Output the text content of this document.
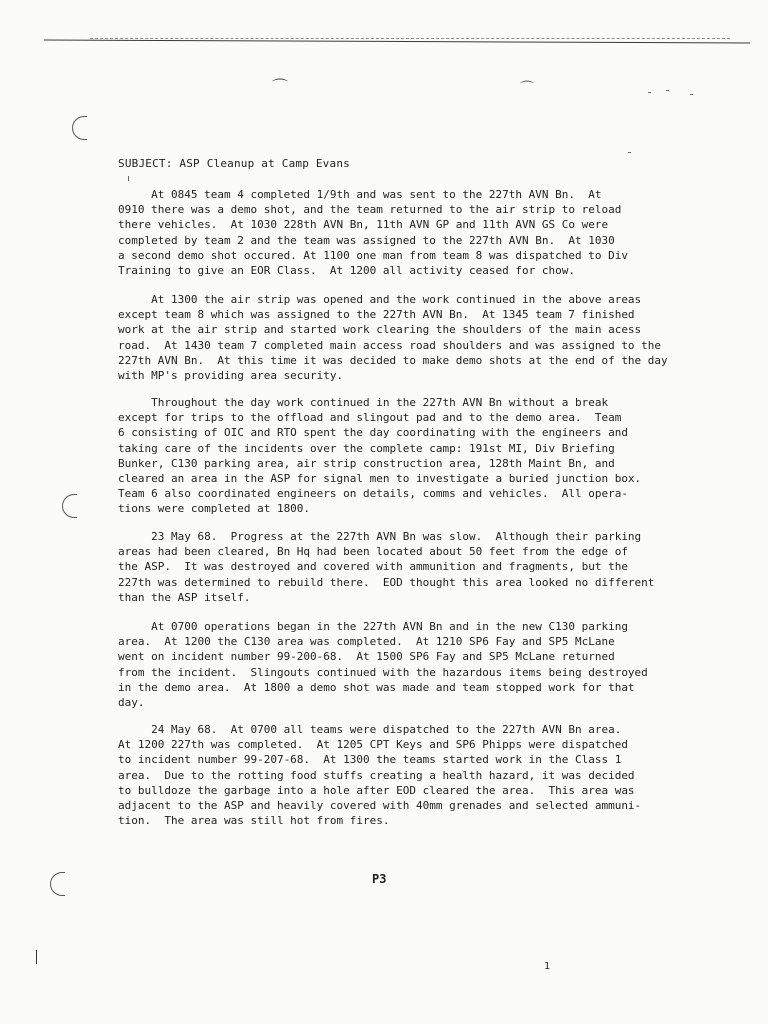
⌒	⌒
SUBJECT: ASP Cleanup at Camp Evans
At 0845 team 4 completed 1/9th and was sent to the 227th AVN Bn.  At
0910 there was a demo shot, and the team returned to the air strip to reload
there vehicles.  At 1030 228th AVN Bn, 11th AVN GP and 11th AVN GS Co were
completed by team 2 and the team was assigned to the 227th AVN Bn.  At 1030
a second demo shot occured. At 1100 one man from team 8 was dispatched to Div
Training to give an EOR Class.  At 1200 all activity ceased for chow.
At 1300 the air strip was opened and the work continued in the above areas
except team 8 which was assigned to the 227th AVN Bn.  At 1345 team 7 finished
work at the air strip and started work clearing the shoulders of the main acess
road.  At 1430 team 7 completed main access road shoulders and was assigned to the
227th AVN Bn.  At this time it was decided to make demo shots at the end of the day
with MP's providing area security.
Throughout the day work continued in the 227th AVN Bn without a break
except for trips to the offload and slingout pad and to the demo area.  Team
6 consisting of OIC and RTO spent the day coordinating with the engineers and
taking care of the incidents over the complete camp: 191st MI, Div Briefing
Bunker, C130 parking area, air strip construction area, 128th Maint Bn, and
cleared an area in the ASP for signal men to investigate a buried junction box.
Team 6 also coordinated engineers on details, comms and vehicles.  All opera-
tions were completed at 1800.
23 May 68.  Progress at the 227th AVN Bn was slow.  Although their parking
areas had been cleared, Bn Hq had been located about 50 feet from the edge of
the ASP.  It was destroyed and covered with ammunition and fragments, but the
227th was determined to rebuild there.  EOD thought this area looked no different
than the ASP itself.
At 0700 operations began in the 227th AVN Bn and in the new C130 parking
area.  At 1200 the C130 area was completed.  At 1210 SP6 Fay and SP5 McLane
went on incident number 99-200-68.  At 1500 SP6 Fay and SP5 McLane returned
from the incident.  Slingouts continued with the hazardous items being destroyed
in the demo area.  At 1800 a demo shot was made and team stopped work for that
day.
24 May 68.  At 0700 all teams were dispatched to the 227th AVN Bn area.
At 1200 227th was completed.  At 1205 CPT Keys and SP6 Phipps were dispatched
to incident number 99-207-68.  At 1300 the teams started work in the Class 1
area.  Due to the rotting food stuffs creating a health hazard, it was decided
to bulldoze the garbage into a hole after EOD cleared the area.  This area was
adjacent to the ASP and heavily covered with 40mm grenades and selected ammuni-
tion.  The area was still hot from fires.
P3
1
